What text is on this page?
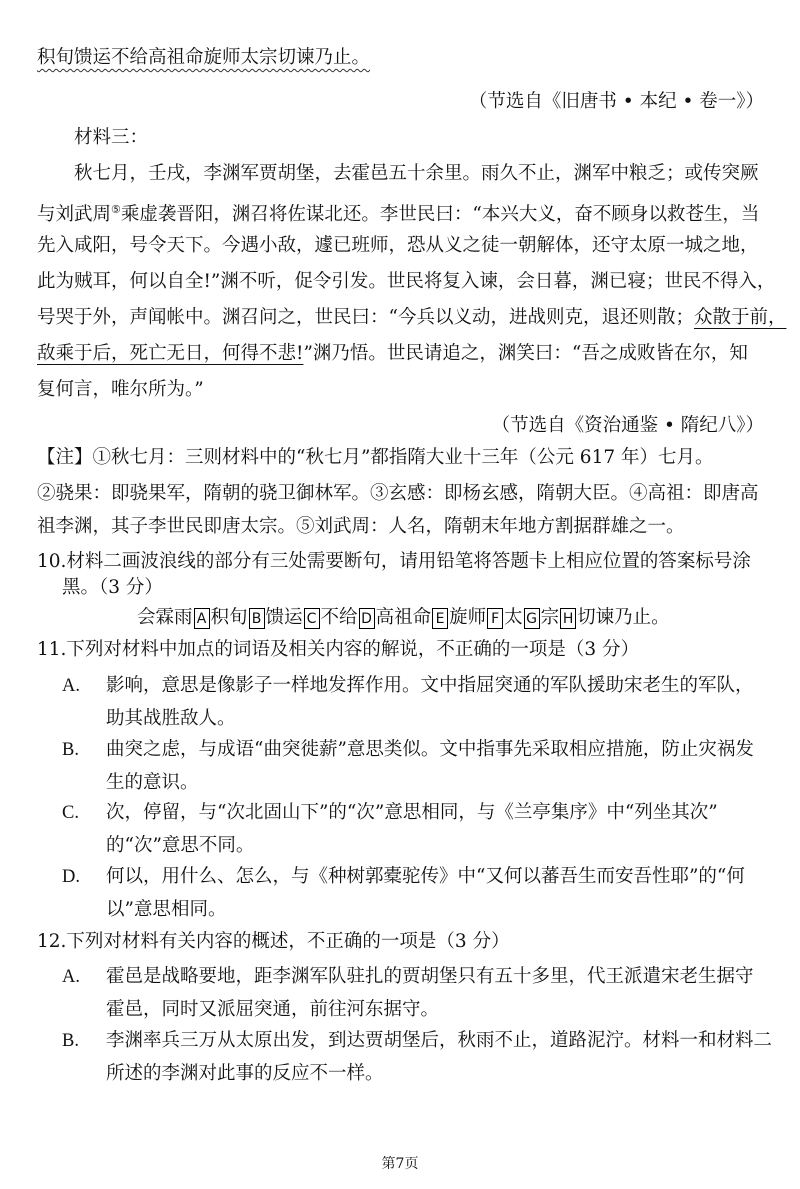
积旬馈运不给高祖命旋师太宗切谏乃止。
（节选自《旧唐书 • 本纪 • 卷一》）
材料三：
秋七月，壬戌，李渊军贾胡堡，去霍邑五十余里。雨久不止，渊军中粮乏；或传突厥
与刘武周⑤乘虚袭晋阳，渊召将佐谋北还。李世民曰：“本兴大义，奋不顾身以救苍生，当
先入咸阳，号令天下。今遇小敌，遽已班师，恐从义之徒一朝解体，还守太原一城之地，
此为贼耳，何以自全!”渊不听，促令引发。世民将复入谏，会日暮，渊已寝；世民不得入，
号哭于外，声闻帐中。渊召问之，世民曰：“今兵以义动，进战则克，退还则散；众散于前，
敌乘于后，死亡无日，何得不悲!”渊乃悟。世民请追之，渊笑曰：“吾之成败皆在尔，知
复何言，唯尔所为。”
（节选自《资治通鉴 • 隋纪八》）
【注】①秋七月：三则材料中的“秋七月”都指隋大业十三年（公元 617 年）七月。
②骁果：即骁果军，隋朝的骁卫御林军。③玄感：即杨玄感，隋朝大臣。④高祖：即唐高
祖李渊，其子李世民即唐太宗。⑤刘武周：人名，隋朝末年地方割据群雄之一。
10.材料二画波浪线的部分有三处需要断句，请用铅笔将答题卡上相应位置的答案标号涂
黑。（3 分）
会霖雨 A 积旬 B 馈运 C 不给 D 高祖命 E 旋师 F 太 G 宗 H 切谏乃止。
11.下列对材料中加点的词语及相关内容的解说，不正确的一项是（3 分）
A. 影响，意思是像影子一样地发挥作用。文中指屈突通的军队援助宋老生的军队，
助其战胜敌人。
B. 曲突之虑，与成语“曲突徙薪”意思类似。文中指事先采取相应措施，防止灾祸发
生的意识。
C. 次，停留，与“次北固山下”的“次”意思相同，与《兰亭集序》中“列坐其次”
的“次”意思不同。
D. 何以，用什么、怎么，与《种树郭橐驼传》中“又何以蕃吾生而安吾性耶”的“何
以”意思相同。
12.下列对材料有关内容的概述，不正确的一项是（3 分）
A. 霍邑是战略要地，距李渊军队驻扎的贾胡堡只有五十多里，代王派遣宋老生据守
霍邑，同时又派屈突通，前往河东据守。
B. 李渊率兵三万从太原出发，到达贾胡堡后，秋雨不止，道路泥泞。材料一和材料二
所述的李渊对此事的反应不一样。
第7页
